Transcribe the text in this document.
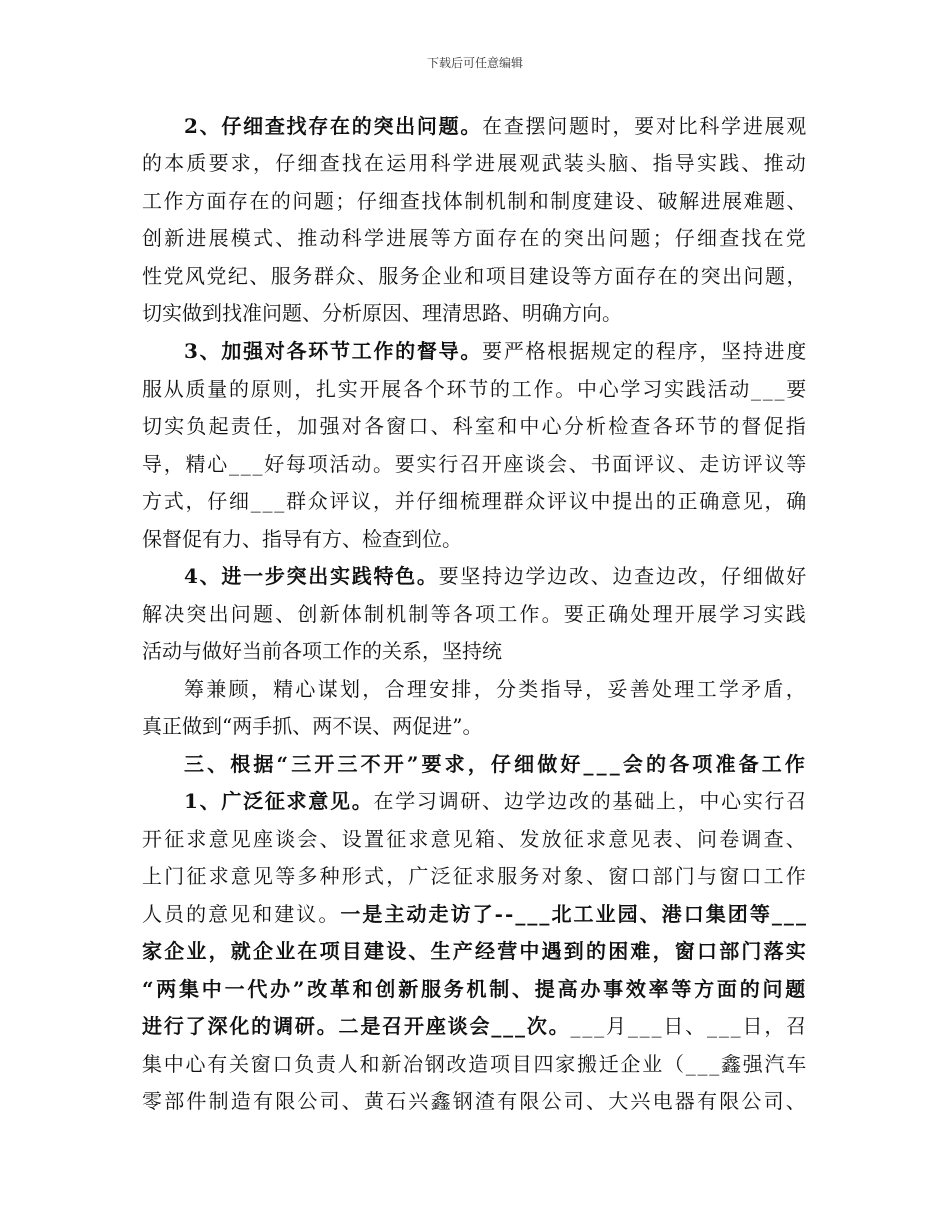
下载后可任意编辑
2、仔细查找存在的突出问题。在查摆问题时，要对比科学进展观
的本质要求，仔细查找在运用科学进展观武装头脑、指导实践、推动
工作方面存在的问题；仔细查找体制机制和制度建设、破解进展难题、
创新进展模式、推动科学进展等方面存在的突出问题；仔细查找在党
性党风党纪、服务群众、服务企业和项目建设等方面存在的突出问题，
切实做到找准问题、分析原因、理清思路、明确方向。
3、加强对各环节工作的督导。要严格根据规定的程序，坚持进度
服从质量的原则，扎实开展各个环节的工作。中心学习实践活动___要
切实负起责任，加强对各窗口、科室和中心分析检查各环节的督促指
导，精心___好每项活动。要实行召开座谈会、书面评议、走访评议等
方式，仔细___群众评议，并仔细梳理群众评议中提出的正确意见，确
保督促有力、指导有方、检查到位。
4、进一步突出实践特色。要坚持边学边改、边查边改，仔细做好
解决突出问题、创新体制机制等各项工作。要正确处理开展学习实践
活动与做好当前各项工作的关系，坚持统
筹兼顾，精心谋划，合理安排，分类指导，妥善处理工学矛盾，
真正做到“两手抓、两不误、两促进”。
三、根据“三开三不开”要求，仔细做好___会的各项准备工作
1、广泛征求意见。在学习调研、边学边改的基础上，中心实行召
开征求意见座谈会、设置征求意见箱、发放征求意见表、问卷调查、
上门征求意见等多种形式，广泛征求服务对象、窗口部门与窗口工作
人员的意见和建议。一是主动走访了--___北工业园、港口集团等___
家企业，就企业在项目建设、生产经营中遇到的困难，窗口部门落实
“两集中一代办”改革和创新服务机制、提高办事效率等方面的问题
进行了深化的调研。二是召开座谈会___次。___月___日、___日，召
集中心有关窗口负责人和新冶钢改造项目四家搬迁企业（___鑫强汽车
零部件制造有限公司、黄石兴鑫钢渣有限公司、大兴电器有限公司、
